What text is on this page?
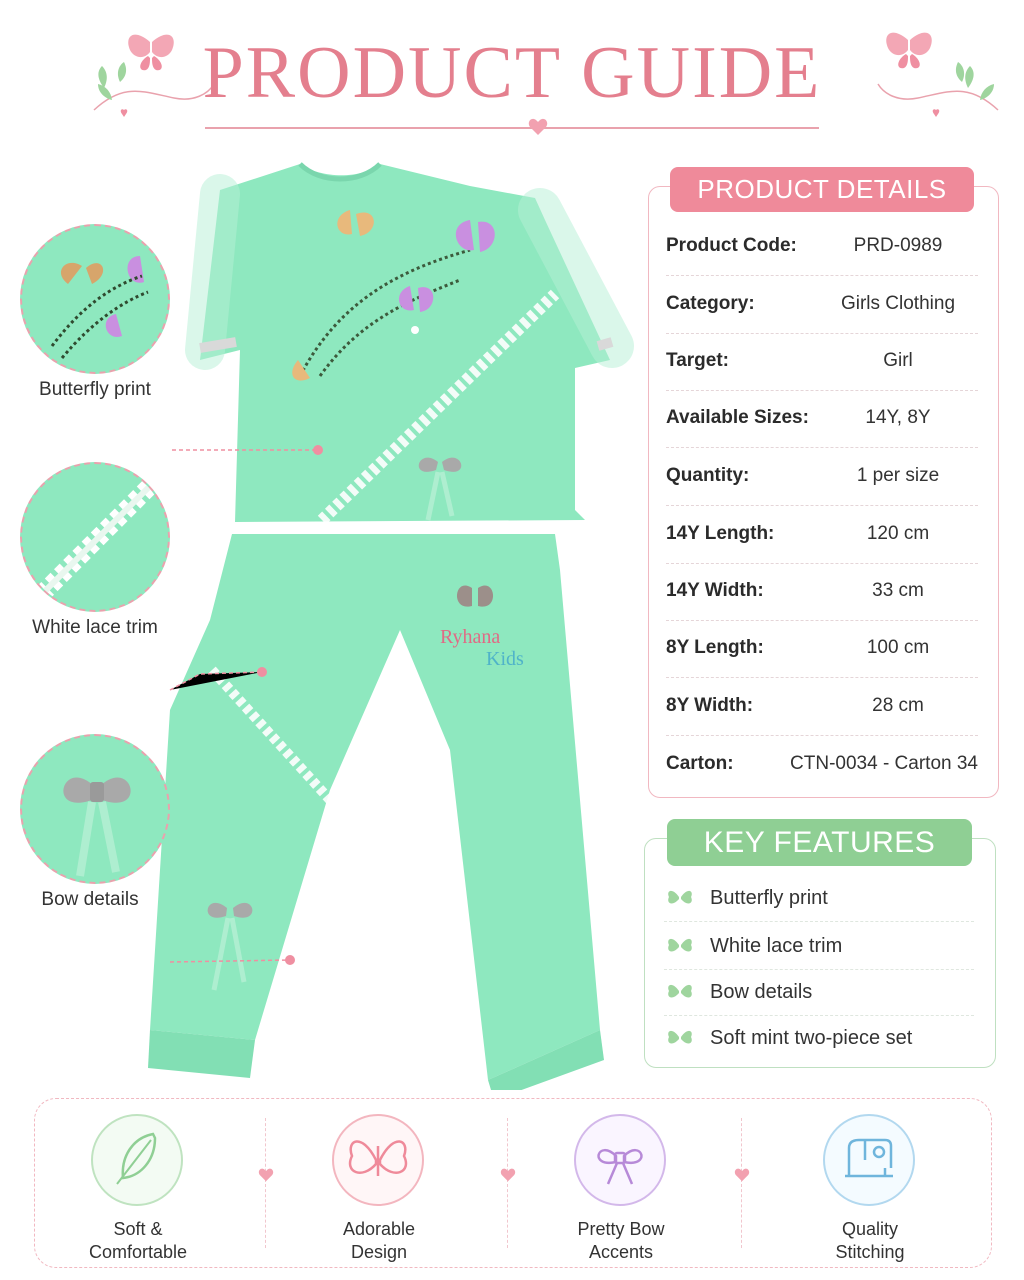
PRODUCT GUIDE
Ryhana
Kids
Butterfly print
White lace trim
Bow details
PRODUCT DETAILS
Product Code:	PRD-0989
Category:	Girls Clothing
Target:	Girl
Available Sizes:	14Y, 8Y
Quantity:	1 per size
14Y Length:	120 cm
14Y Width:	33 cm
8Y Length:	100 cm
8Y Width:	28 cm
Carton:	CTN-0034 - Carton 34
KEY FEATURES
Butterfly print
White lace trim
Bow details
Soft mint two-piece set
Soft & Comfortable
Adorable Design
Pretty Bow Accents
Quality Stitching
